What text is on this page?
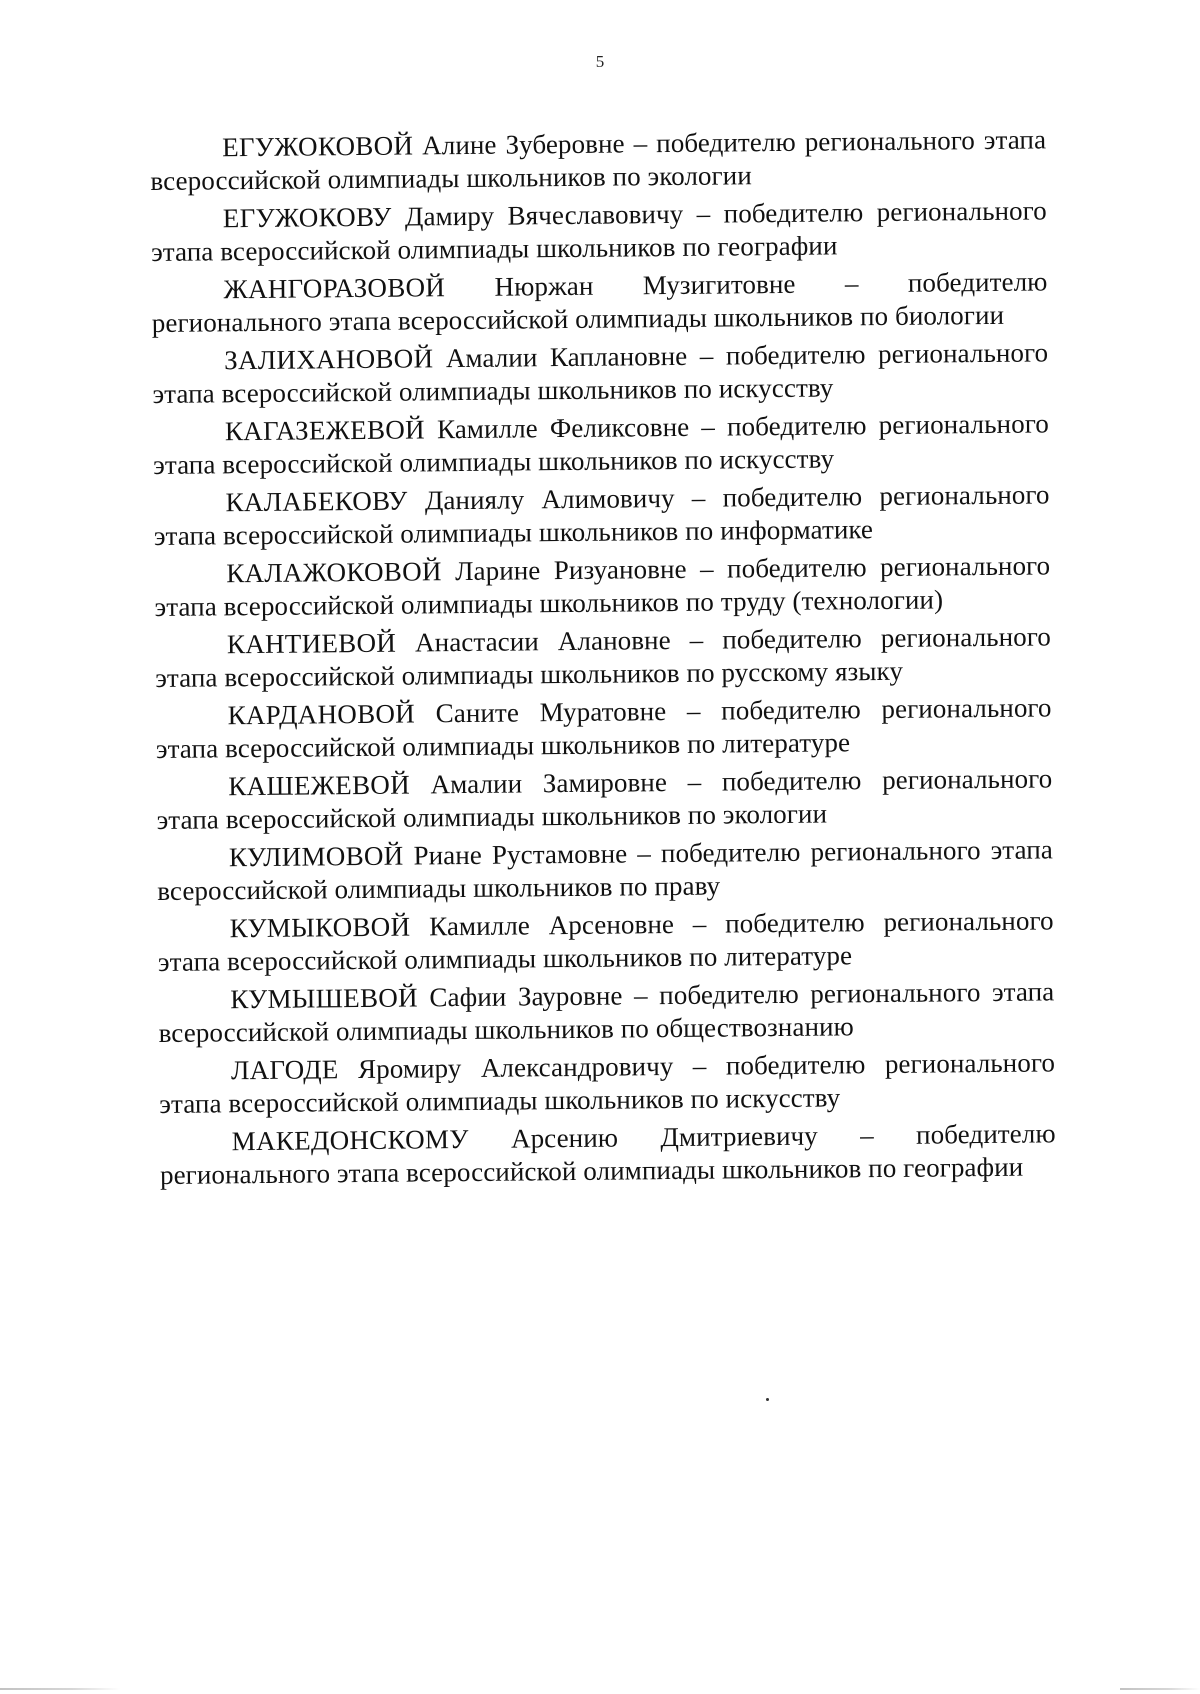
5

ЕГУЖОКОВОЙ Алине Зуберовне – победителю регионального этапа всероссийской олимпиады школьников по экологии

ЕГУЖОКОВУ Дамиру Вячеславовичу – победителю регионального этапа всероссийской олимпиады школьников по географии

ЖАНГОРАЗОВОЙ Нюржан Музигитовне – победителю регионального этапа всероссийской олимпиады школьников по биологии

ЗАЛИХАНОВОЙ Амалии Каплановне – победителю регионального этапа всероссийской олимпиады школьников по искусству

КАГАЗЕЖЕВОЙ Камилле Феликсовне – победителю регионального этапа всероссийской олимпиады школьников по искусству

КАЛАБЕКОВУ Даниялу Алимовичу – победителю регионального этапа всероссийской олимпиады школьников по информатике

КАЛАЖОКОВОЙ Ларине Ризуановне – победителю регионального этапа всероссийской олимпиады школьников по труду (технологии)

КАНТИЕВОЙ Анастасии Алановне – победителю регионального этапа всероссийской олимпиады школьников по русскому языку

КАРДАНОВОЙ Саните Муратовне – победителю регионального этапа всероссийской олимпиады школьников по литературе

КАШЕЖЕВОЙ Амалии Замировне – победителю регионального этапа всероссийской олимпиады школьников по экологии

КУЛИМОВОЙ Риане Рустамовне – победителю регионального этапа всероссийской олимпиады школьников по праву

КУМЫКОВОЙ Камилле Арсеновне – победителю регионального этапа всероссийской олимпиады школьников по литературе

КУМЫШЕВОЙ Сафии Зауровне – победителю регионального этапа всероссийской олимпиады школьников по обществознанию

ЛАГОДЕ Яромиру Александровичу – победителю регионального этапа всероссийской олимпиады школьников по искусству

МАКЕДОНСКОМУ Арсению Дмитриевичу – победителю регионального этапа всероссийской олимпиады школьников по географии
